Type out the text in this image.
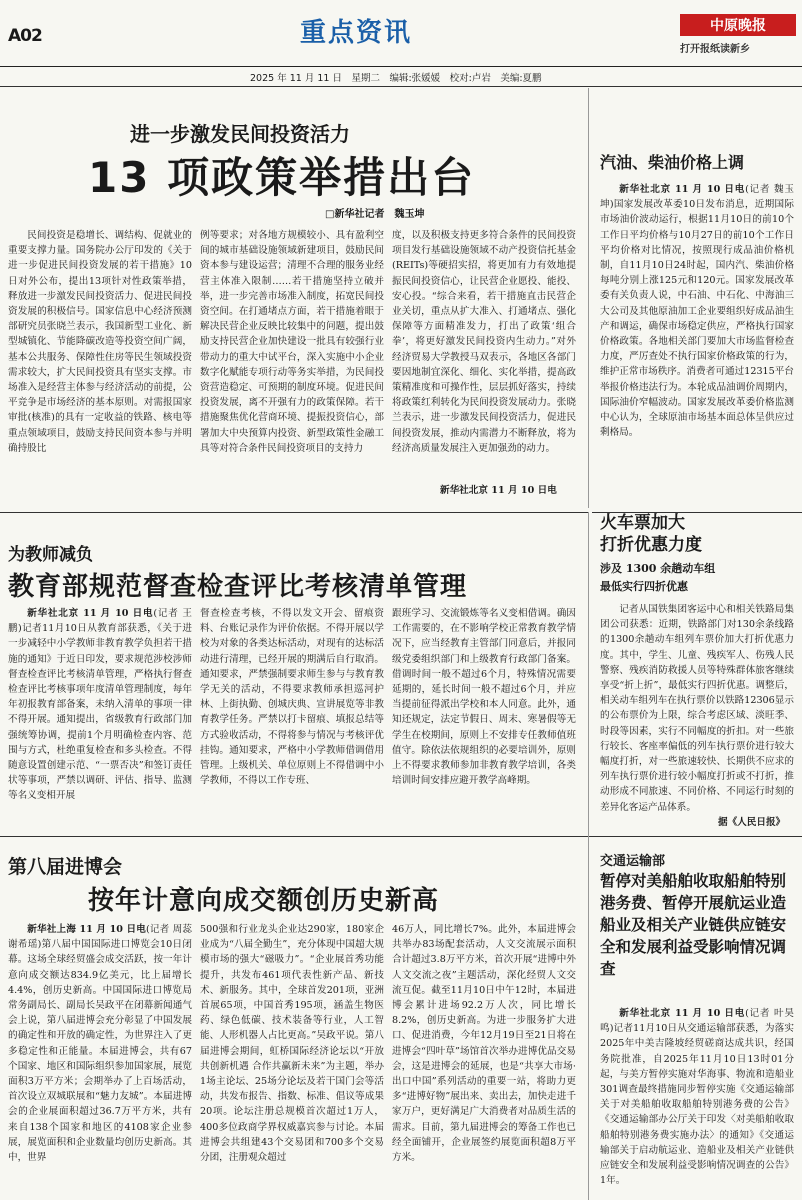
A02	重点资讯	中原晚报
打开报纸读新乡
2025 年 11 月 11 日　星期二　编辑:张媛媛　校对:卢岩　美编:夏鹏
进一步激发民间投资活力
13 项政策举措出台
□新华社记者　魏玉坤
民间投资是稳增长、调结构、促就业的重要支撑力量。国务院办公厅印发的《关于进一步促进民间投资发展的若干措施》10日对外公布，提出13项针对性政策举措，释放进一步激发民间投资活力、促进民间投资发展的积极信号。国家信息中心经济预测部研究员张晓兰表示，我国新型工业化、新型城镇化、节能降碳改造等投资空间广阔，基本公共服务、保障性住房等民生领域投资需求较大，扩大民间投资具有坚实支撑。市场准入是经营主体参与经济活动的前提，公平竞争是市场经济的基本原则。对需报国家审批(核准)的具有一定收益的铁路、核电等重点领域项目，鼓励支持民间资本参与并明确持股比
例等要求；对各地方规模较小、具有盈利空间的城市基础设施领域新建项目，鼓励民间资本参与建设运营；清理不合理的服务业经营主体准入限制……若干措施坚持立破并举，进一步完善市场准入制度，拓宽民间投资空间。在打通堵点方面，若干措施着眼于解决民营企业反映比较集中的问题，提出鼓励支持民营企业加快建设一批具有较强行业带动力的重大中试平台，深入实施中小企业数字化赋能专项行动等务实举措，为民间投资营造稳定、可预期的制度环境。促进民间投资发展，离不开强有力的政策保障。若干措施聚焦优化营商环境、提振投资信心，部署加大中央预算内投资、新型政策性金融工具等对符合条件民间投资项目的支持力
度，以及积极支持更多符合条件的民间投资项目发行基础设施领域不动产投资信托基金(REITs)等硬招实招，将更加有力有效地提振民间投资信心，让民营企业愿投、能投、安心投。“综合来看，若干措施直击民营企业关切，重点从扩大准入、打通堵点、强化保障等方面精准发力，打出了政策‘组合拳’，将更好激发民间投资内生动力。”对外经济贸易大学教授马双表示，各地区各部门要因地制宜深化、细化、实化举措，提高政策精准度和可操作性，层层抓好落实，持续将政策红利转化为民间投资发展动力。张晓兰表示，进一步激发民间投资活力，促进民间投资发展，推动内需潜力不断释放，将为经济高质量发展注入更加强劲的动力。
新华社北京 11 月 10 日电
汽油、柴油价格上调
新华社北京 11 月 10 日电(记者 魏玉坤)国家发展改革委10日发布消息，近期国际市场油价波动运行，根据11月10日的前10个工作日平均价格与10月27日的前10个工作日平均价格对比情况，按照现行成品油价格机制，自11月10日24时起，国内汽、柴油价格每吨分别上涨125元和120元。国家发展改革委有关负责人说，中石油、中石化、中海油三大公司及其他原油加工企业要组织好成品油生产和调运，确保市场稳定供应，严格执行国家价格政策。各地相关部门要加大市场监督检查力度，严厉查处不执行国家价格政策的行为，维护正常市场秩序。消费者可通过12315平台举报价格违法行为。本轮成品油调价周期内，国际油价窄幅波动。国家发展改革委价格监测中心认为，全球原油市场基本面总体呈供应过剩格局。
为教师减负
教育部规范督查检查评比考核清单管理
新华社北京 11 月 10 日电(记者 王鹏)记者11月10日从教育部获悉，《关于进一步减轻中小学教师非教育教学负担若干措施的通知》于近日印发，要求规范涉校涉师督查检查评比考核清单管理，严格执行督查检查评比考核事项年度清单管理制度，每年年初报教育部备案，未纳入清单的事项一律不得开展。通知提出，省级教育行政部门加强统筹协调，提前1个月明确检查内容、范围与方式，杜绝重复检查和多头检查。不得随意设置创建示范、“一票否决”和签订责任状等事项，严禁以调研、评估、指导、监测等名义变相开展
督查检查考核，不得以发文开会、留痕资料、台账记录作为评价依据。不得开展以学校为对象的各类达标活动，对现有的达标活动进行清理，已经开展的期满后自行取消。通知要求，严禁强制要求师生参与与教育教学无关的活动，不得要求教师承担巡河护林、上街执勤、创城庆典、宣讲展览等非教育教学任务。严禁以打卡留痕、填报总结等方式验收活动，不得将参与情况与考核评优挂钩。通知要求，严格中小学教师借调借用管理。上级机关、单位原则上不得借调中小学教师，不得以工作专班、
跟班学习、交流锻炼等名义变相借调。确因工作需要的，在不影响学校正常教育教学情况下，应当经教育主管部门同意后，并报同级党委组织部门和上级教育行政部门备案。借调时间一般不超过6个月，特殊情况需要延期的，延长时间一般不超过6个月，并应当提前征得派出学校和本人同意。此外，通知还规定，法定节假日、周末、寒暑假等无学生在校期间，原则上不安排专任教师值班值守。除依法依规组织的必要培训外，原则上不得要求教师参加非教育教学培训，各类培训时间安排应避开教学高峰期。
火车票加大
打折优惠力度
涉及 1300 余趟动车组
最低实行四折优惠
记者从国铁集团客运中心和相关铁路局集团公司获悉：近期，铁路部门对130余条线路的1300余趟动车组列车票价加大打折优惠力度。其中，学生、儿童、残疾军人、伤残人民警察、残疾消防救援人员等特殊群体旅客继续享受“折上折”，最低实行四折优惠。调整后，相关动车组列车在执行票价以铁路12306显示的公布票价为上限，综合考虑区域、淡旺季、时段等因素，实行不同幅度的折扣。对一些旅行较长、客座率偏低的列车执行票价进行较大幅度打折，对一些旅速较快、长期供不应求的列车执行票价进行较小幅度打折或不打折，推动形成不同旅速、不同价格、不同运行时刻的差异化客运产品体系。
据《人民日报》
第八届进博会
按年计意向成交额创历史新高
新华社上海 11 月 10 日电(记者 周蕊 谢希瑶)第八届中国国际进口博览会10日闭幕。这场全球经贸盛会成交活跃，按一年计意向成交额达834.9亿美元，比上届增长4.4%，创历史新高。中国国际进口博览局常务副局长、副局长吴政平在闭幕新闻通气会上说，第八届进博会充分彰显了中国发展的确定性和开放的确定性，为世界注入了更多稳定性和正能量。本届进博会，共有67个国家、地区和国际组织参加国家展，展览面积3万平方米；会期举办了上百场活动，首次设立双城联展和“魅力友城”。本届进博会的企业展面积超过36.7万平方米，共有来自138个国家和地区的4108家企业参展，展览面积和企业数量均创历史新高。其中，世界
500强和行业龙头企业达290家，180家企业成为“八届全勤生”，充分体现中国超大规模市场的强大“磁吸力”。“企业展首秀功能提升，共发布461项代表性新产品、新技术、新服务。其中，全球首发201项，亚洲首展65项，中国首秀195项，涵盖生物医药、绿色低碳、技术装备等行业，人工智能、人形机器人占比更高。”吴政平说。第八届进博会期间，虹桥国际经济论坛以“开放共创新机遇 合作共赢新未来”为主题，举办1场主论坛、25场分论坛及若干国门会等活动，共发布报告、指数、标准、倡议等成果20项。论坛注册总规模首次超过1万人，400多位政商学界权威嘉宾参与讨论。本届进博会共组建43个交易团和700多个交易分团，注册观众超过
46万人，同比增长7%。此外，本届进博会共举办83场配套活动，人文交流展示面积合计超过3.8万平方米，首次开展“进博中外人文交流之夜”主题活动，深化经贸人文交流互促。截至11月10日中午12时，本届进博会累计进场92.2万人次，同比增长8.2%，创历史新高。为进一步服务扩大进口、促进消费，今年12月19日至21日将在进博会“四叶草”场馆首次举办进博优品交易会，这是进博会的延展，也是“共享大市场·出口中国”系列活动的重要一站，将助力更多“进博好物”展出来、卖出去，加快走进千家万户，更好满足广大消费者对品质生活的需求。目前，第九届进博会的筹备工作也已经全面铺开，企业展签约展览面积超8万平方米。
交通运输部
暂停对美船舶收取船舶特别港务费、暂停开展航运业造船业及相关产业链供应链安全和发展利益受影响情况调查
新华社北京 11 月 10 日电(记者 叶昊鸣)记者11月10日从交通运输部获悉，为落实2025年中美吉隆坡经贸磋商达成共识，经国务院批准，自2025年11月10日13时01分起，与美方暂停实施对华海事、物流和造船业301调查最终措施同步暂停实施《交通运输部关于对美船舶收取船舶特别港务费的公告》《交通运输部办公厅关于印发〈对美船舶收取船舶特别港务费实施办法〉的通知》《交通运输部关于启动航运业、造船业及相关产业链供应链安全和发展利益受影响情况调查的公告》1年。
